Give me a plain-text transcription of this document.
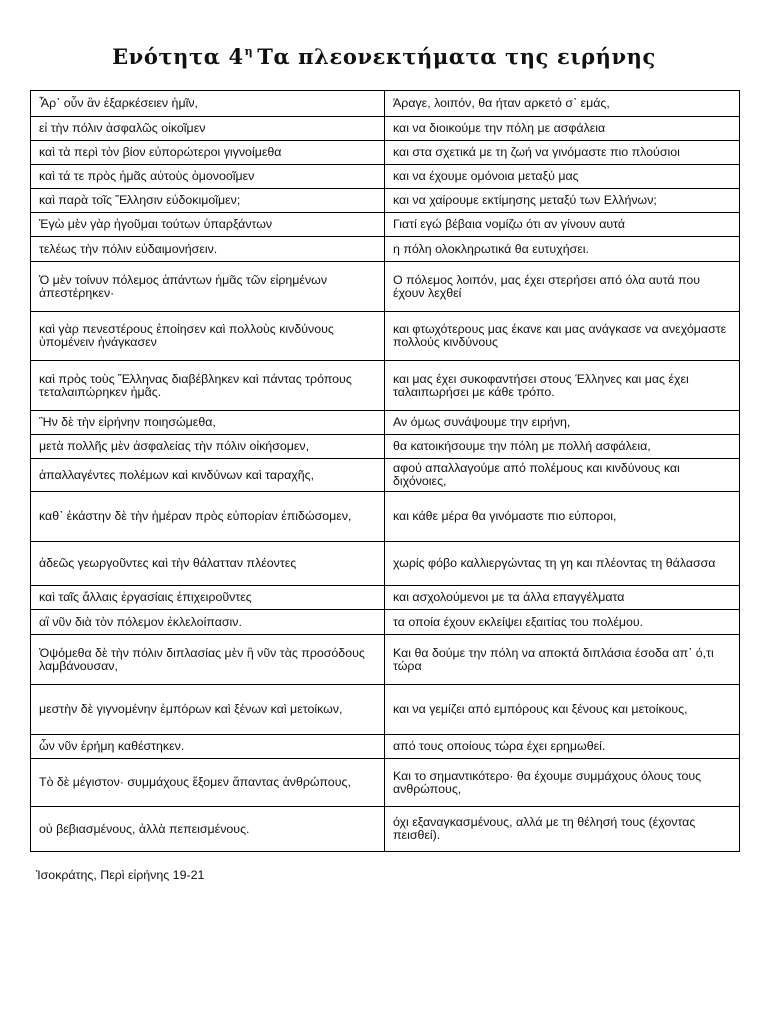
Ενότητα $4^\eta$ Τα πλεονεκτήματα της ειρήνης
Ἆρ᾽ οὖν ἂν ἐξαρκέσειεν ἡμῖν,	Άραγε, λοιπόν, θα ήταν αρκετό σ᾽ εμάς,
εἰ τὴν πόλιν ἀσφαλῶς οἰκοῖμεν	και να διοικούμε την πόλη με ασφάλεια
καὶ τὰ περὶ τὸν βίον εὐπορώτεροι γιγνοίμεθα	και στα σχετικά με τη ζωή να γινόμαστε πιο πλούσιοι
καὶ τά τε πρὸς ἡμᾶς αὐτοὺς ὁμονοοῖμεν	και να έχουμε ομόνοια μεταξύ μας
καὶ παρὰ τοῖς Ἕλλησιν εὐδοκιμοῖμεν;	και να χαίρουμε εκτίμησης μεταξύ των Ελλήνων;
Ἐγὼ μὲν γὰρ ἡγοῦμαι τούτων ὑπαρξάντων	Γιατί εγώ βέβαια νομίζω ότι αν γίνουν αυτά
τελέως τὴν πόλιν εὐδαιμονήσειν.	η πόλη ολοκληρωτικά θα ευτυχήσει.
Ὁ μὲν τοίνυν πόλεμος ἁπάντων ἡμᾶς τῶν εἰρημένων ἀπεστέρηκεν·	Ο πόλεμος λοιπόν, μας έχει στερήσει από όλα αυτά που έχουν λεχθεί
καὶ γὰρ πενεστέρους ἐποίησεν καὶ πολλοὺς κινδύνους ὑπομένειν ἠνάγκασεν	και φτωχότερους μας έκανε και μας ανάγκασε να ανεχόμαστε πολλούς κινδύνους
καὶ πρὸς τοὺς Ἕλληνας διαβέβληκεν καὶ πάντας τρόπους τεταλαιπώρηκεν ἡμᾶς.	και μας έχει συκοφαντήσει στους Έλληνες και μας έχει ταλαιπωρήσει με κάθε τρόπο.
Ἢν δὲ τὴν εἰρήνην ποιησώμεθα,	Αν όμως συνάψουμε την ειρήνη,
μετὰ πολλῆς μὲν ἀσφαλείας τὴν πόλιν οἰκήσομεν,	θα κατοικήσουμε την πόλη με πολλή ασφάλεια,
ἀπαλλαγέντες πολέμων καὶ κινδύνων καὶ ταραχῆς,	αφού απαλλαγούμε από πολέμους και κινδύνους και διχόνοιες,
καθ᾽ ἑκάστην δὲ τὴν ἡμέραν πρὸς εὐπορίαν ἐπιδώσομεν,	και κάθε μέρα θα γινόμαστε πιο εύποροι,
ἀδεῶς γεωργοῦντες καὶ τὴν θάλατταν πλέοντες	χωρίς φόβο καλλιεργώντας τη γη και πλέοντας τη θάλασσα
καὶ ταῖς ἄλλαις ἐργασίαις ἐπιχειροῦντες	και ασχολούμενοι με τα άλλα επαγγέλματα
αἳ νῦν διὰ τὸν πόλεμον ἐκλελοίπασιν.	τα οποία έχουν εκλείψει εξαιτίας του πολέμου.
Ὀψόμεθα δὲ τὴν πόλιν διπλασίας μὲν ἢ νῦν τὰς προσόδους λαμβάνουσαν,	Και θα δούμε την πόλη να αποκτά διπλάσια έσοδα απ᾽ ό,τι τώρα
μεστὴν δὲ γιγνομένην ἐμπόρων καὶ ξένων καὶ μετοίκων,	και να γεμίζει από εμπόρους και ξένους και μετοίκους,
ὧν νῦν ἐρήμη καθέστηκεν.	από τους οποίους τώρα έχει ερημωθεί.
Τὸ δὲ μέγιστον· συμμάχους ἕξομεν ἅπαντας ἀνθρώπους,	Και το σημαντικότερο· θα έχουμε συμμάχους όλους τους ανθρώπους,
οὐ βεβιασμένους, ἀλλὰ πεπεισμένους.	όχι εξαναγκασμένους, αλλά με τη θέλησή τους (έχοντας πεισθεί).
Ἰσοκράτης, Περὶ εἰρήνης 19-21
